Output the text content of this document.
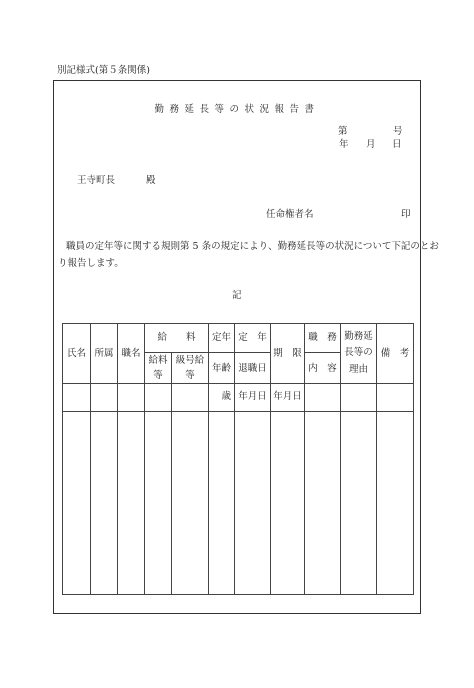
別記様式(第５条関係)
勤務延長等の状況報告書
第	号
年 月 日
王寺町長	殿
任命権者名	印
職員の定年等に関する規則第 5 条の規定により、勤務延長等の状況について下記のとお
り報告します。
記
氏名	所属	職名	給　　料		定年	定　年	期　限	職　務	勤務延
長等の
理由	備　考
			給料等	級号給等	年齢	退職日		内　容		
					歳	年月日	年月日			
